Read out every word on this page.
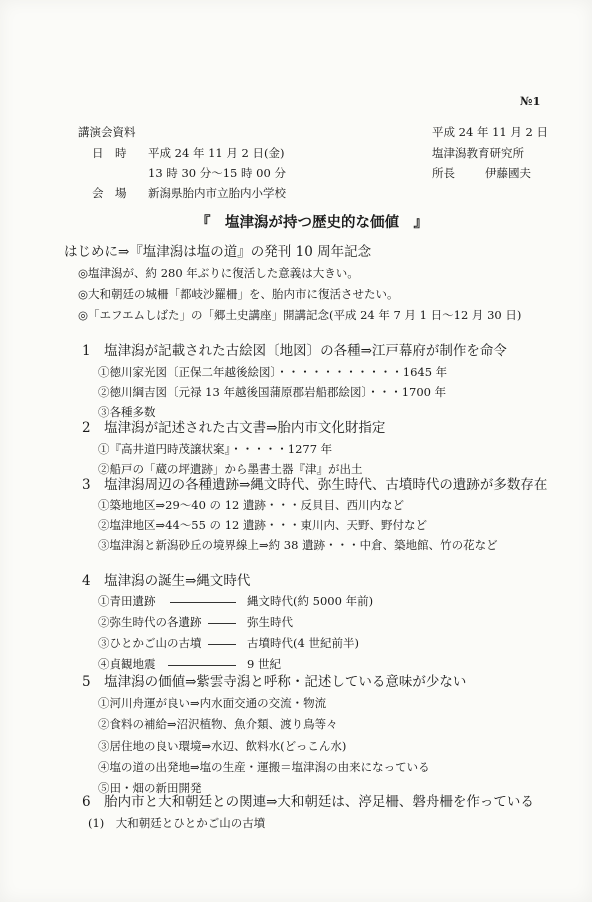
№1
講演会資料	平成 24 年 11 月 2 日
日　時 平成 24 年 11 月 2 日(金)	塩津潟教育研究所
13 時 30 分～15 時 00 分	所長	伊藤國夫
会　場 新潟県胎内市立胎内小学校
『　塩津潟が持つ歴史的な価値　』
はじめに⇒『塩津潟は塩の道』の発刊 10 周年記念
◎塩津潟が、約 280 年ぶりに復活した意義は大きい。
◎大和朝廷の城柵「都岐沙羅柵」を、胎内市に復活させたい。
◎「エフエムしばた」の「郷土史講座」開講記念(平成 24 年 7 月 1 日～12 月 30 日)
1　塩津潟が記載された古絵図〔地図〕の各種⇒江戸幕府が制作を命令
①徳川家光図〔正保二年越後絵図〕・・・・・・・・・・・1645 年
②徳川綱吉図〔元禄 13 年越後国蒲原郡岩船郡絵図〕・・・1700 年
③各種多数
2　塩津潟が記述された古文書⇒胎内市文化財指定
①『高井道円時茂譲状案』・・・・・1277 年
②船戸の「蔵の坪遺跡」から墨書土器『津』が出土
3　塩津潟周辺の各種遺跡⇒縄文時代、弥生時代、古墳時代の遺跡が多数存在
①築地地区⇒29～40 の 12 遺跡・・・反貝目、西川内など
②塩津地区⇒44～55 の 12 遺跡・・・東川内、天野、野付など
③塩津潟と新潟砂丘の境界線上⇒約 38 遺跡・・・中倉、築地館、竹の花など
4　塩津潟の誕生⇒縄文時代
①青田遺跡	縄文時代(約 5000 年前)
②弥生時代の各遺跡	弥生時代
③ひとかご山の古墳	古墳時代(4 世紀前半)
④貞観地震	9 世紀
5　塩津潟の価値⇒紫雲寺潟と呼称・記述している意味が少ない
①河川舟運が良い⇒内水面交通の交流・物流
②食料の補給⇒沼沢植物、魚介類、渡り鳥等々
③居住地の良い環境⇒水辺、飲料水(どっこん水)
④塩の道の出発地⇒塩の生産・運搬＝塩津潟の由来になっている
⑤田・畑の新田開発
6　胎内市と大和朝廷との関連⇒大和朝廷は、渟足柵、磐舟柵を作っている
(1)　大和朝廷とひとかご山の古墳
